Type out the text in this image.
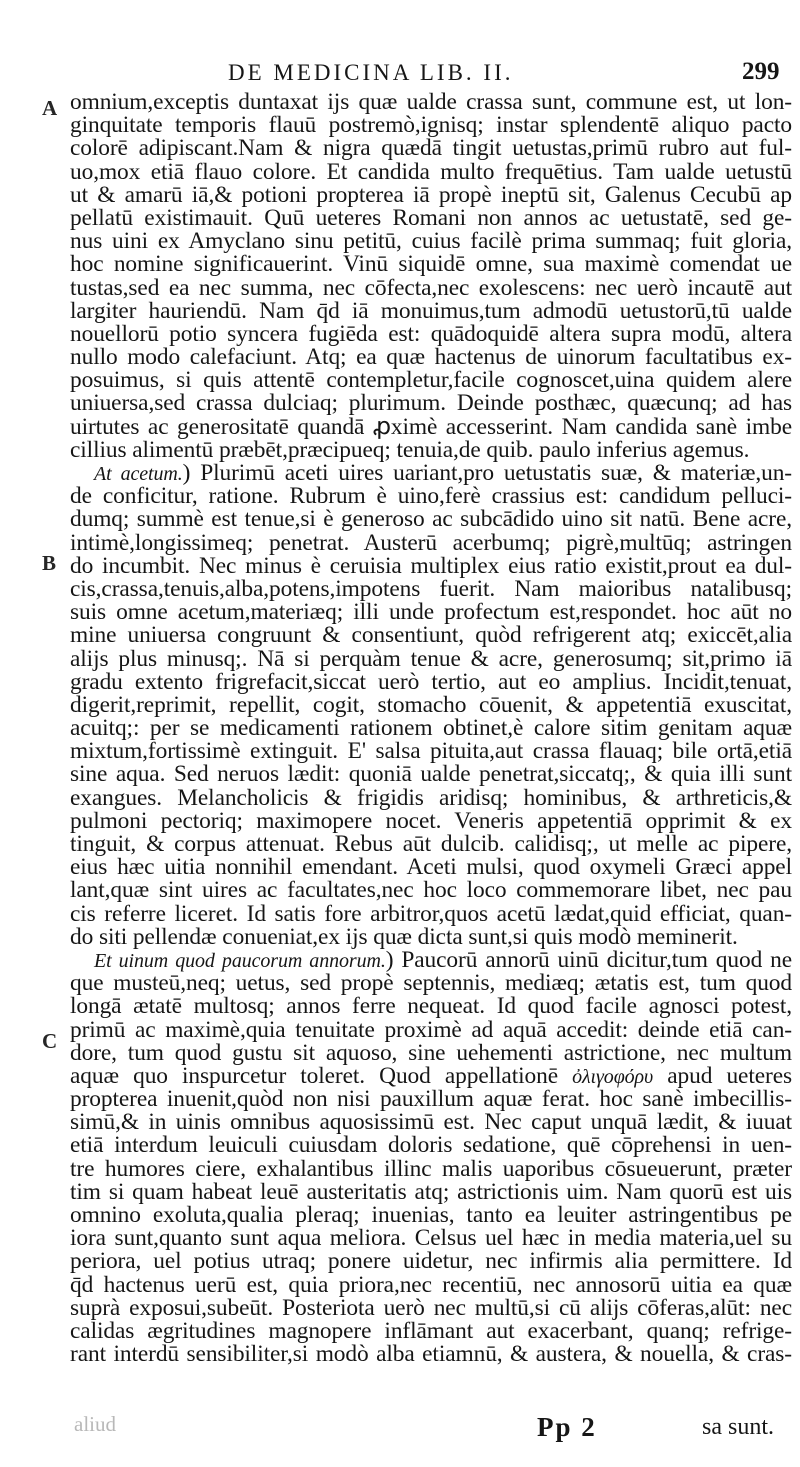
DE MEDICINA LIB. II.	299
A
B
C
omnium,exceptis duntaxat ijs quæ ualde crassa sunt, commune est, ut lon-
ginquitate temporis flauū postremò,ignisq; instar splendentē aliquo pacto
colorē adipiscant.Nam & nigra quædā tingit uetustas,primū rubro aut ful-
uo,mox etiā flauo colore. Et candida multo frequētius. Tam ualde uetustū
ut & amarū iā,& potioni propterea iā propè ineptū sit, Galenus Cecubū ap
pellatū existimauit. Quū ueteres Romani non annos ac uetustatē, sed ge-
nus uini ex Amyclano sinu petitū, cuius facilè prima summaq; fuit gloria,
hoc nomine significauerint. Vinū siquidē omne, sua maximè comendat ue
tustas,sed ea nec summa, nec cōfecta,nec exolescens: nec uerò incautē aut
largiter hauriendū. Nam q̄d iā monuimus,tum admodū uetustorū,tū ualde
nouellorū potio syncera fugiēda est: quādoquidē altera supra modū, altera
nullo modo calefaciunt. Atq; ea quæ hactenus de uinorum facultatibus ex-
posuimus, si quis attentē contempletur,facile cognoscet,uina quidem alere
uniuersa,sed crassa dulciaq; plurimum. Deinde posthæc, quæcunq; ad has
uirtutes ac generositatē quandā ꝓximè accesserint. Nam candida sanè imbe
cillius alimentū præbēt,præcipueq; tenuia,de quib. paulo inferius agemus.
At acetum.) Plurimū aceti uires uariant,pro uetustatis suæ, & materiæ,un-
de conficitur, ratione. Rubrum è uino,ferè crassius est: candidum pelluci-
dumq; summè est tenue,si è generoso ac subcādido uino sit natū. Bene acre,
intimè,longissimeq; penetrat. Austerū acerbumq; pigrè,multūq; astringen
do incumbit. Nec minus è ceruisia multiplex eius ratio existit,prout ea dul-
cis,crassa,tenuis,alba,potens,impotens fuerit. Nam maioribus natalibusq;
suis omne acetum,materiæq; illi unde profectum est,respondet. hoc aūt no
mine uniuersa congruunt & consentiunt, quòd refrigerent atq; exiccēt,alia
alijs plus minusq;. Nā si perquàm tenue & acre, generosumq; sit,primo iā
gradu extento frigrefacit,siccat uerò tertio, aut eo amplius. Incidit,tenuat,
digerit,reprimit, repellit, cogit, stomacho cōuenit, & appetentiā exuscitat,
acuitq;: per se medicamenti rationem obtinet,è calore sitim genitam aquæ
mixtum,fortissimè extinguit. E' salsa pituita,aut crassa flauaq; bile ortā,etiā
sine aqua. Sed neruos lædit: quoniā ualde penetrat,siccatq;, & quia illi sunt
exangues. Melancholicis & frigidis aridisq; hominibus, & arthreticis,&
pulmoni pectoriq; maximopere nocet. Veneris appetentiā opprimit & ex
tinguit, & corpus attenuat. Rebus aūt dulcib. calidisq;, ut melle ac pipere,
eius hæc uitia nonnihil emendant. Aceti mulsi, quod oxymeli Græci appel
lant,quæ sint uires ac facultates,nec hoc loco commemorare libet, nec pau
cis referre liceret. Id satis fore arbitror,quos acetū lædat,quid efficiat, quan-
do siti pellendæ conueniat,ex ijs quæ dicta sunt,si quis modò meminerit.
Et uinum quod paucorum annorum.) Paucorū annorū uinū dicitur,tum quod ne
que musteū,neq; uetus, sed propè septennis, mediæq; ætatis est, tum quod
longā ætatē multosq; annos ferre nequeat. Id quod facile agnosci potest,
primū ac maximè,quia tenuitate proximè ad aquā accedit: deinde etiā can-
dore, tum quod gustu sit aquoso, sine uehementi astrictione, nec multum
aquæ quo inspurcetur toleret. Quod appellationē ὀλιγοφόρυ apud ueteres
propterea inuenit,quòd non nisi pauxillum aquæ ferat. hoc sanè imbecillis-
simū,& in uinis omnibus aquosissimū est. Nec caput unquā lædit, & iuuat
etiā interdum leuiculi cuiusdam doloris sedatione, quē cōprehensi in uen-
tre humores ciere, exhalantibus illinc malis uaporibus cōsueuerunt, præter
tim si quam habeat leuē austeritatis atq; astrictionis uim. Nam quorū est uis
omnino exoluta,qualia pleraq; inuenias, tanto ea leuiter astringentibus pe
iora sunt,quanto sunt aqua meliora. Celsus uel hæc in media materia,uel su
periora, uel potius utraq; ponere uidetur, nec infirmis alia permittere. Id
q̄d hactenus uerū est, quia priora,nec recentiū, nec annosorū uitia ea quæ
suprà exposui,subeūt. Posteriota uerò nec multū,si cū alijs cōferas,alūt: nec
calidas ægritudines magnopere inflāmant aut exacerbant, quanq; refrige-
rant interdū sensibiliter,si modò alba etiamnū, & austera, & nouella, & cras-
aliud	Pp 2	sa sunt.
